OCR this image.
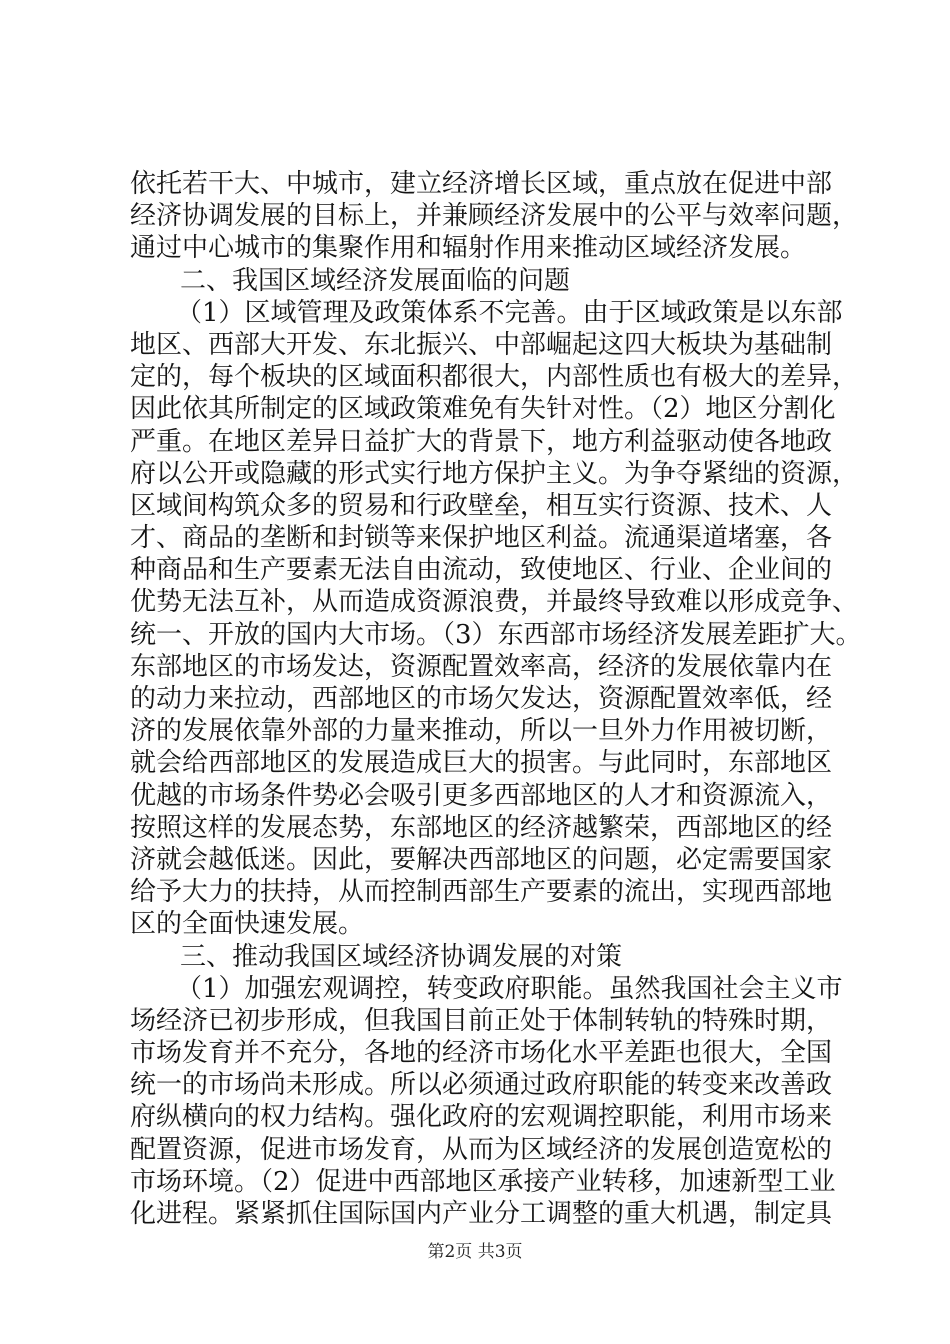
依托若干大、中城市，建立经济增长区域，重点放在促进中部
经济协调发展的目标上，并兼顾经济发展中的公平与效率问题，
通过中心城市的集聚作用和辐射作用来推动区域经济发展。
二、我国区域经济发展面临的问题
（1）区域管理及政策体系不完善。由于区域政策是以东部
地区、西部大开发、东北振兴、中部崛起这四大板块为基础制
定的，每个板块的区域面积都很大，内部性质也有极大的差异，
因此依其所制定的区域政策难免有失针对性。（2）地区分割化
严重。在地区差异日益扩大的背景下，地方利益驱动使各地政
府以公开或隐藏的形式实行地方保护主义。为争夺紧绌的资源，
区域间构筑众多的贸易和行政壁垒，相互实行资源、技术、人
才、商品的垄断和封锁等来保护地区利益。流通渠道堵塞，各
种商品和生产要素无法自由流动，致使地区、行业、企业间的
优势无法互补，从而造成资源浪费，并最终导致难以形成竞争、
统一、开放的国内大市场。（3）东西部市场经济发展差距扩大。
东部地区的市场发达，资源配置效率高，经济的发展依靠内在
的动力来拉动，西部地区的市场欠发达，资源配置效率低，经
济的发展依靠外部的力量来推动，所以一旦外力作用被切断，
就会给西部地区的发展造成巨大的损害。与此同时，东部地区
优越的市场条件势必会吸引更多西部地区的人才和资源流入，
按照这样的发展态势，东部地区的经济越繁荣，西部地区的经
济就会越低迷。因此，要解决西部地区的问题，必定需要国家
给予大力的扶持，从而控制西部生产要素的流出，实现西部地
区的全面快速发展。
三、推动我国区域经济协调发展的对策
（1）加强宏观调控，转变政府职能。虽然我国社会主义市
场经济已初步形成，但我国目前正处于体制转轨的特殊时期，
市场发育并不充分，各地的经济市场化水平差距也很大，全国
统一的市场尚未形成。所以必须通过政府职能的转变来改善政
府纵横向的权力结构。强化政府的宏观调控职能，利用市场来
配置资源，促进市场发育，从而为区域经济的发展创造宽松的
市场环境。（2）促进中西部地区承接产业转移，加速新型工业
化进程。紧紧抓住国际国内产业分工调整的重大机遇，制定具
第2页 共3页
